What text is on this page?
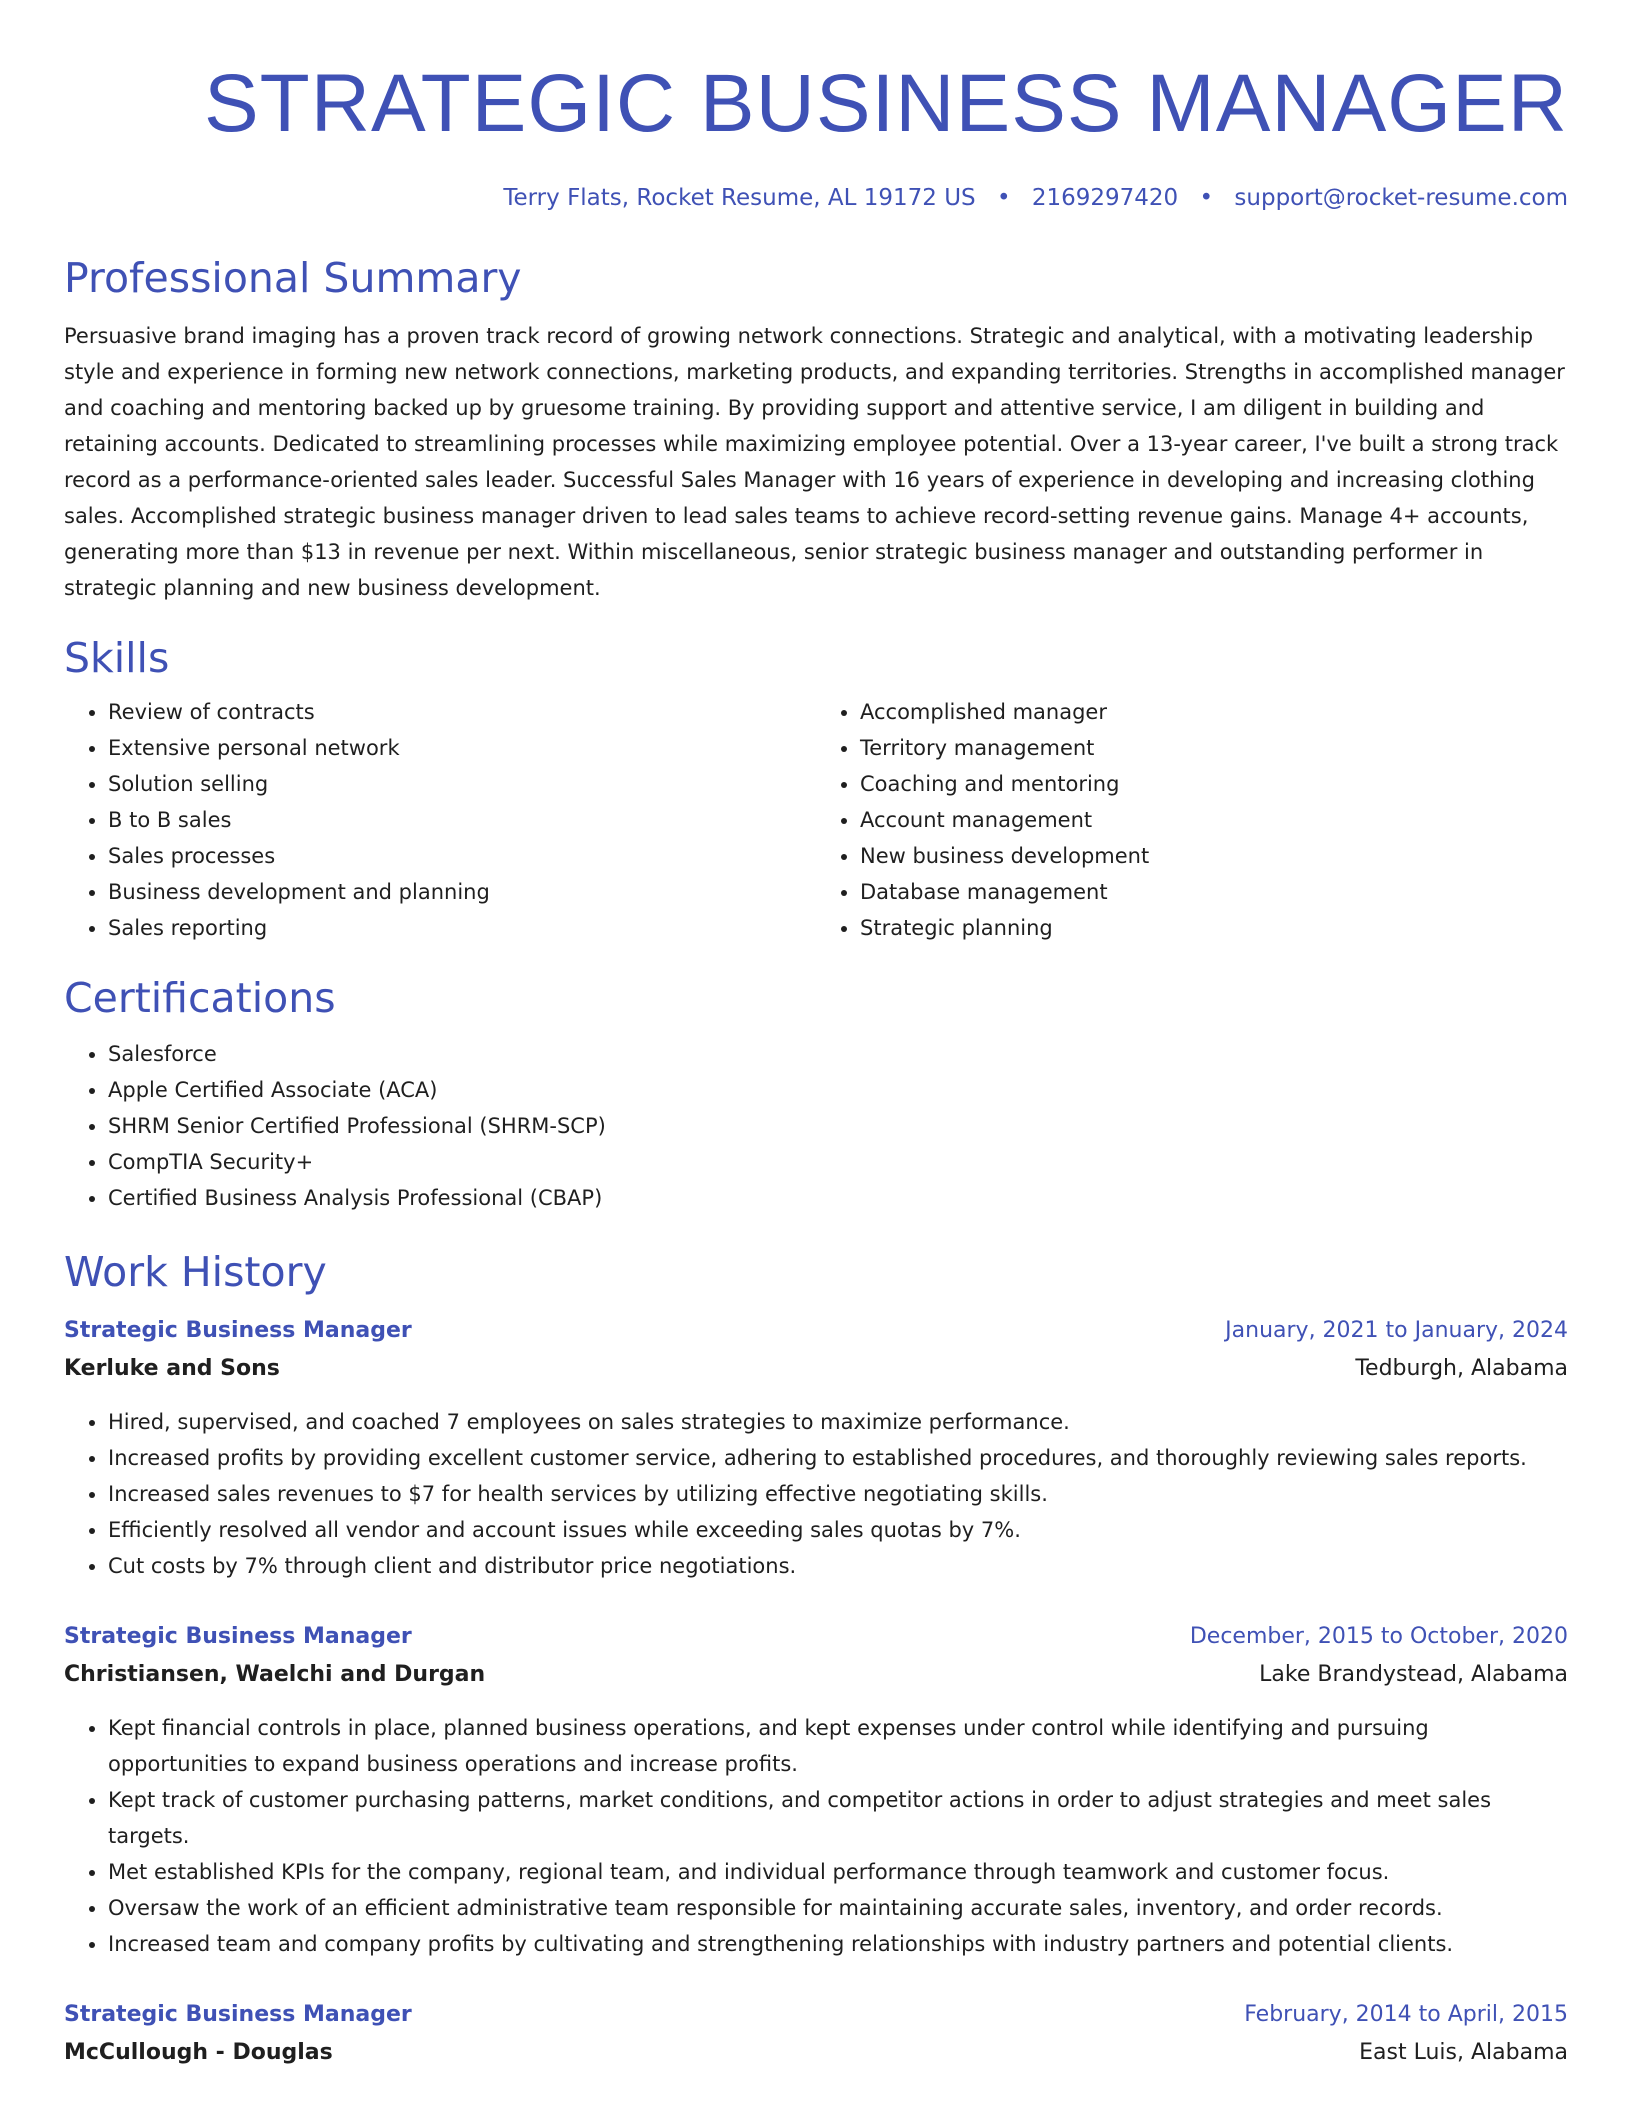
STRATEGIC BUSINESS MANAGER
Terry Flats, Rocket Resume, AL 19172 US • 2169297420 • support@rocket-resume.com
Professional Summary

Persuasive brand imaging has a proven track record of growing network connections. Strategic and analytical, with a motivating leadership style and experience in forming new network connections, marketing products, and expanding territories. Strengths in accomplished manager and coaching and mentoring backed up by gruesome training. By providing support and attentive service, I am diligent in building and retaining accounts. Dedicated to streamlining processes while maximizing employee potential. Over a 13-year career, I've built a strong track record as a performance-oriented sales leader. Successful Sales Manager with 16 years of experience in developing and increasing clothing sales. Accomplished strategic business manager driven to lead sales teams to achieve record-setting revenue gains. Manage 4+ accounts, generating more than $13 in revenue per next. Within miscellaneous, senior strategic business manager and outstanding performer in strategic planning and new business development.

Skills
• Review of contracts
• Extensive personal network
• Solution selling
• B to B sales
• Sales processes
• Business development and planning
• Sales reporting
• Accomplished manager
• Territory management
• Coaching and mentoring
• Account management
• New business development
• Database management
• Strategic planning
Certifications
• Salesforce
• Apple Certified Associate (ACA)
• SHRM Senior Certified Professional (SHRM-SCP)
• CompTIA Security+
• Certified Business Analysis Professional (CBAP)
Work History
Strategic Business Manager	January, 2021 to January, 2024
Kerluke and Sons	Tedburgh, Alabama
• Hired, supervised, and coached 7 employees on sales strategies to maximize performance.
• Increased profits by providing excellent customer service, adhering to established procedures, and thoroughly reviewing sales reports.
• Increased sales revenues to $7 for health services by utilizing effective negotiating skills.
• Efficiently resolved all vendor and account issues while exceeding sales quotas by 7%.
• Cut costs by 7% through client and distributor price negotiations.
Strategic Business Manager	December, 2015 to October, 2020
Christiansen, Waelchi and Durgan	Lake Brandystead, Alabama
• Kept financial controls in place, planned business operations, and kept expenses under control while identifying and pursuing opportunities to expand business operations and increase profits.
• Kept track of customer purchasing patterns, market conditions, and competitor actions in order to adjust strategies and meet sales targets.
• Met established KPIs for the company, regional team, and individual performance through teamwork and customer focus.
• Oversaw the work of an efficient administrative team responsible for maintaining accurate sales, inventory, and order records.
• Increased team and company profits by cultivating and strengthening relationships with industry partners and potential clients.
Strategic Business Manager	February, 2014 to April, 2015
McCullough - Douglas	East Luis, Alabama
